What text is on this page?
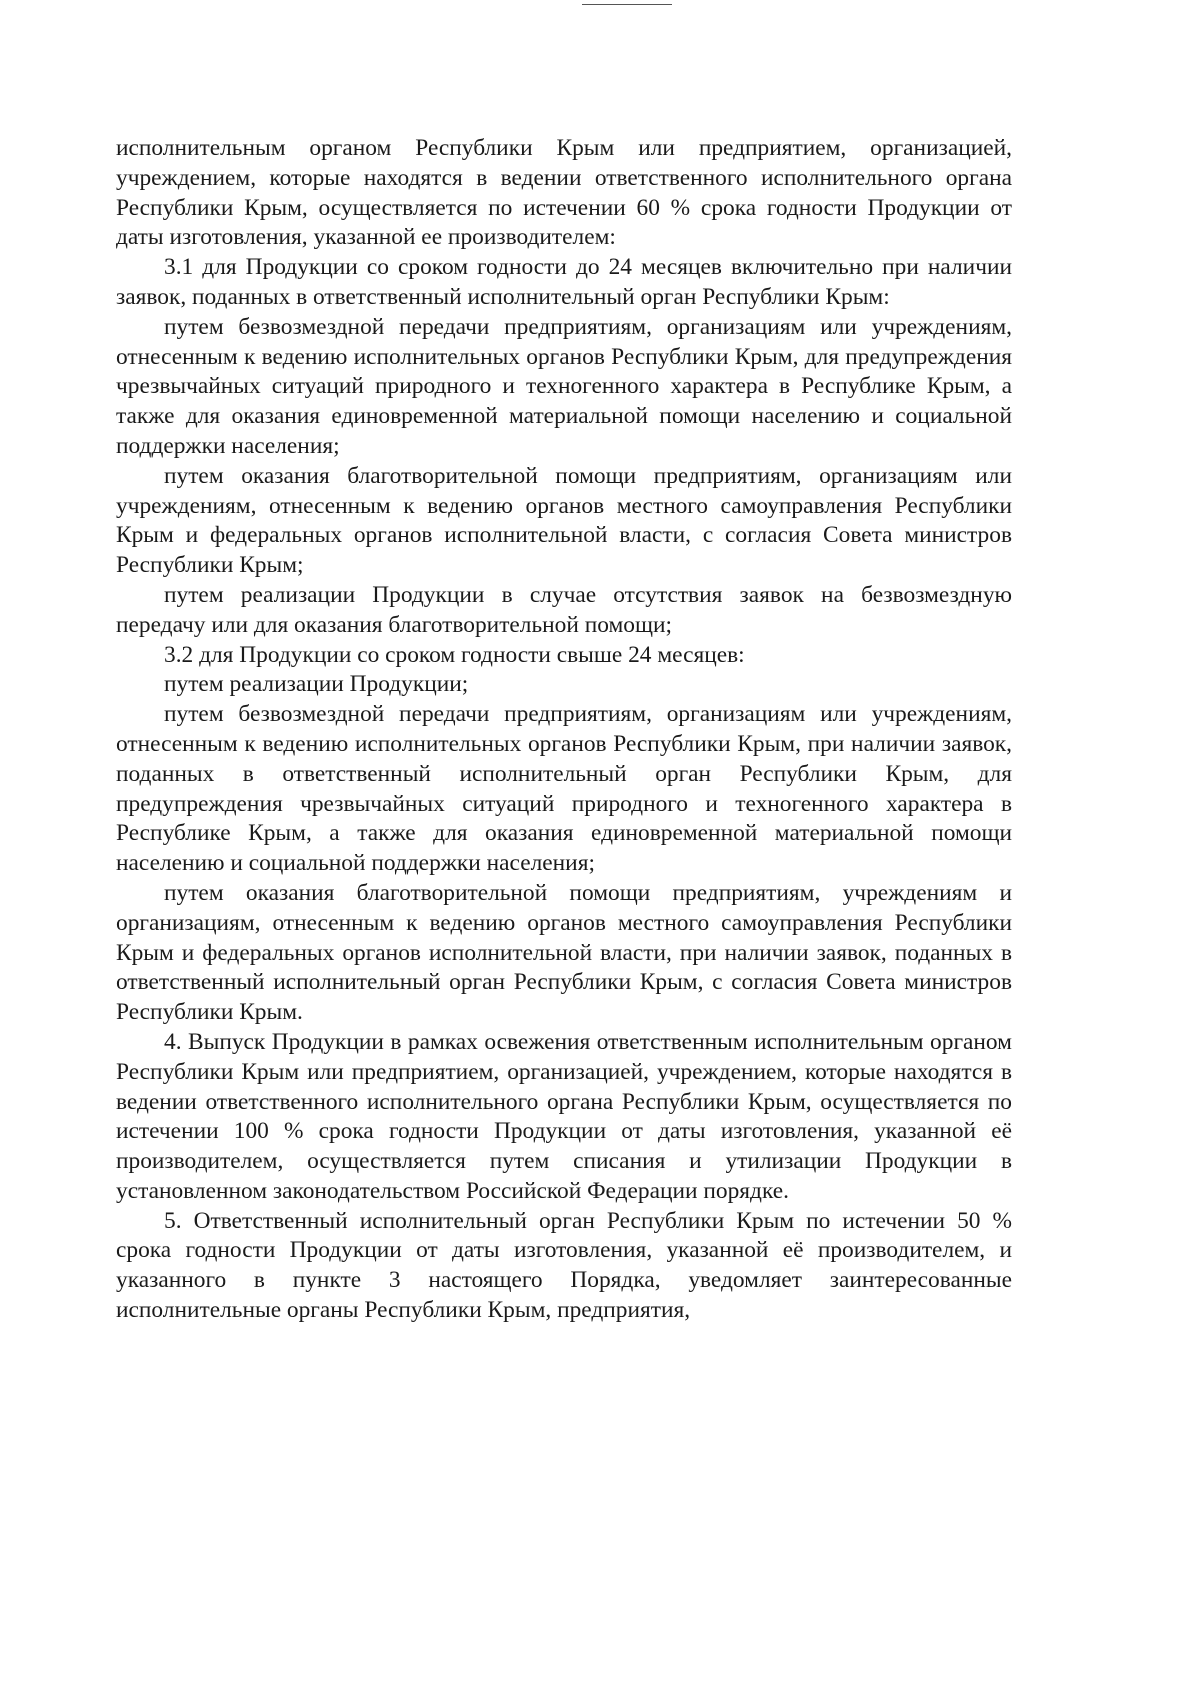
исполнительным органом Республики Крым или предприятием, организацией, учреждением, которые находятся в ведении ответственного исполнительного органа Республики Крым, осуществляется по истечении 60 % срока годности Продукции от даты изготовления, указанной ее производителем:

3.1 для Продукции со сроком годности до 24 месяцев включительно при наличии заявок, поданных в ответственный исполнительный орган Республики Крым:

путем безвозмездной передачи предприятиям, организациям или учреждениям, отнесенным к ведению исполнительных органов Республики Крым, для предупреждения чрезвычайных ситуаций природного и техногенного характера в Республике Крым, а также для оказания единовременной материальной помощи населению и социальной поддержки населения;

путем оказания благотворительной помощи предприятиям, организациям или учреждениям, отнесенным к ведению органов местного самоуправления Республики Крым и федеральных органов исполнительной власти, с согласия Совета министров Республики Крым;

путем реализации Продукции в случае отсутствия заявок на безвозмездную передачу или для оказания благотворительной помощи;

3.2 для Продукции со сроком годности свыше 24 месяцев:

путем реализации Продукции;

путем безвозмездной передачи предприятиям, организациям или учреждениям, отнесенным к ведению исполнительных органов Республики Крым, при наличии заявок, поданных в ответственный исполнительный орган Республики Крым, для предупреждения чрезвычайных ситуаций природного и техногенного характера в Республике Крым, а также для оказания единовременной материальной помощи населению и социальной поддержки населения;

путем оказания благотворительной помощи предприятиям, учреждениям и организациям, отнесенным к ведению органов местного самоуправления Республики Крым и федеральных органов исполнительной власти, при наличии заявок, поданных в ответственный исполнительный орган Республики Крым, с согласия Совета министров Республики Крым.

4. Выпуск Продукции в рамках освежения ответственным исполнительным органом Республики Крым или предприятием, организацией, учреждением, которые находятся в ведении ответственного исполнительного органа Республики Крым, осуществляется по истечении 100 % срока годности Продукции от даты изготовления, указанной её производителем, осуществляется путем списания и утилизации Продукции в установленном законодательством Российской Федерации порядке.

5. Ответственный исполнительный орган Республики Крым по истечении 50 % срока годности Продукции от даты изготовления, указанной её производителем, и указанного в пункте 3 настоящего Порядка, уведомляет заинтересованные исполнительные органы Республики Крым, предприятия,
